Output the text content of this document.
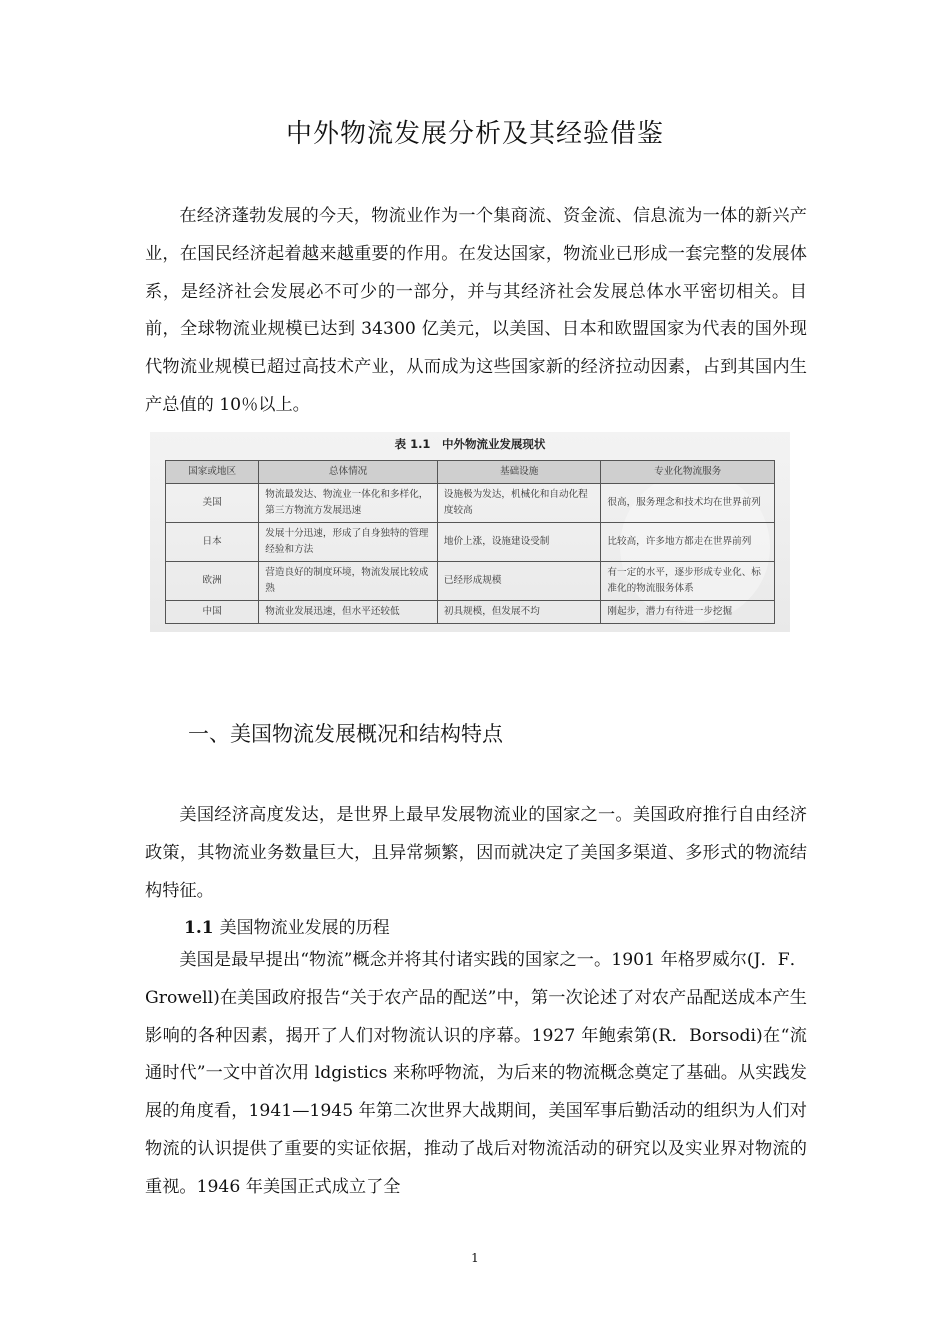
中外物流发展分析及其经验借鉴

在经济蓬勃发展的今天，物流业作为一个集商流、资金流、信息流为一体的新兴产业，在国民经济起着越来越重要的作用。在发达国家，物流业已形成一套完整的发展体系，是经济社会发展必不可少的一部分，并与其经济社会发展总体水平密切相关。目前，全球物流业规模已达到 34300 亿美元，以美国、日本和欧盟国家为代表的国外现代物流业规模已超过高技术产业，从而成为这些国家新的经济拉动因素，占到其国内生产总值的 10％以上。

表 1.1　中外物流业发展现状
国家或地区	总体情况	基础设施	专业化物流服务
美国	物流最发达、物流业一体化和多样化，第三方物流方发展迅速	设施极为发达，机械化和自动化程度较高	很高，服务理念和技术均在世界前列
日本	发展十分迅速，形成了自身独特的管理经验和方法	地价上涨，设施建设受制	比较高，许多地方都走在世界前列
欧洲	营造良好的制度环境，物流发展比较成熟	已经形成规模	有一定的水平，逐步形成专业化、标准化的物流服务体系
中国	物流业发展迅速，但水平还较低	初具规模，但发展不均	刚起步，潜力有待进一步挖掘
一、美国物流发展概况和结构特点

美国经济高度发达，是世界上最早发展物流业的国家之一。美国政府推行自由经济政策，其物流业务数量巨大，且异常频繁，因而就决定了美国多渠道、多形式的物流结构特征。

1.1 美国物流业发展的历程

美国是最早提出“物流”概念并将其付诸实践的国家之一。1901 年格罗威尔(J．F．Growell)在美国政府报告“关于农产品的配送”中，第一次论述了对农产品配送成本产生影响的各种因素，揭开了人们对物流认识的序幕。1927 年鲍索第(R．Borsodi)在“流通时代”一文中首次用 ldgistics 来称呼物流，为后来的物流概念奠定了基础。从实践发展的角度看，1941—1945 年第二次世界大战期间，美国军事后勤活动的组织为人们对物流的认识提供了重要的实证依据，推动了战后对物流活动的研究以及实业界对物流的重视。1946 年美国正式成立了全

1
